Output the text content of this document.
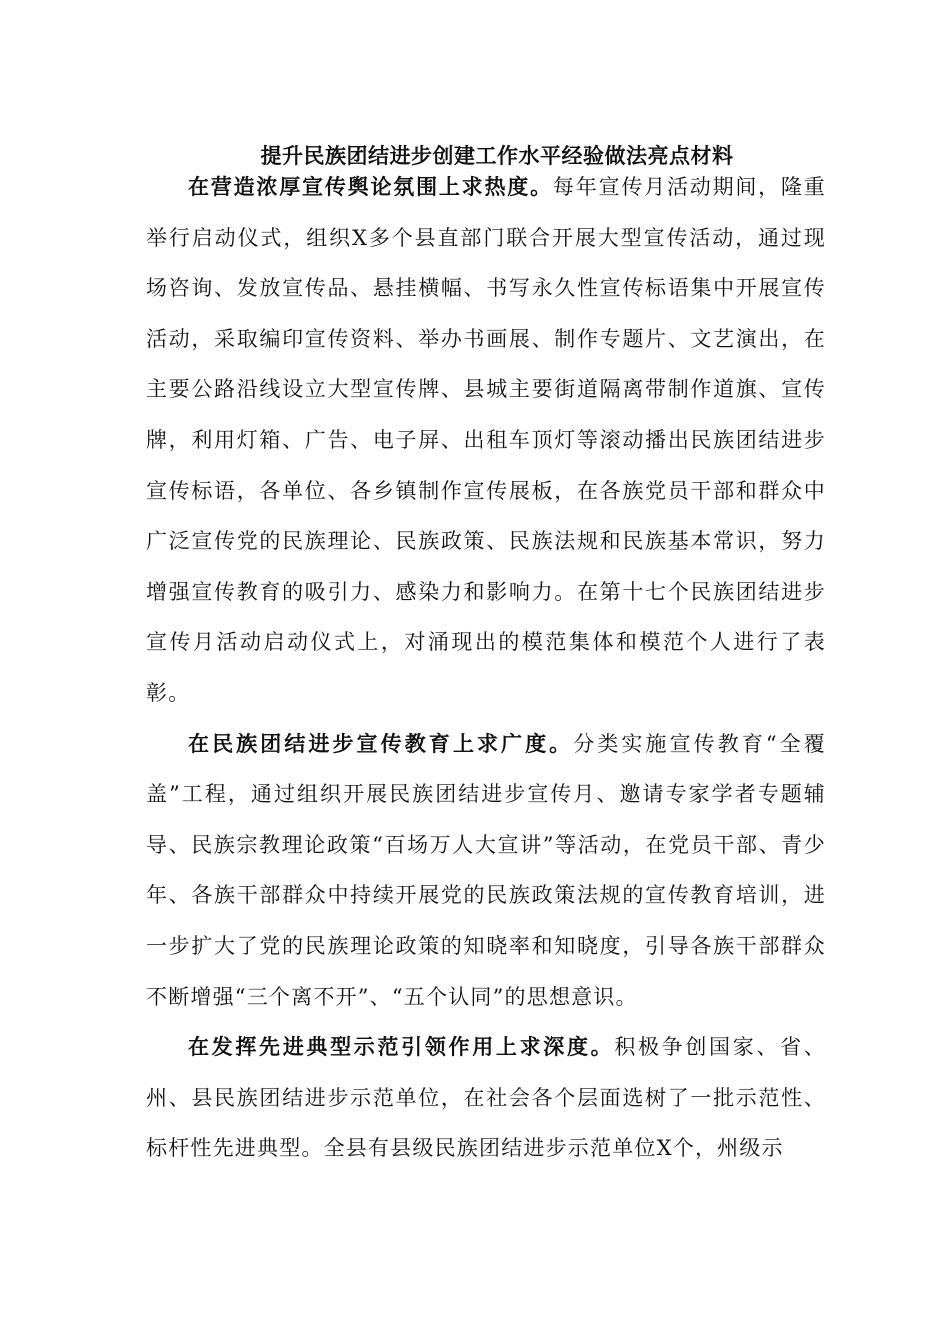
提升民族团结进步创建工作水平经验做法亮点材料

在营造浓厚宣传舆论氛围上求热度。每年宣传月活动期间，隆重举行启动仪式，组织X多个县直部门联合开展大型宣传活动，通过现场咨询、发放宣传品、悬挂横幅、书写永久性宣传标语集中开展宣传活动，采取编印宣传资料、举办书画展、制作专题片、文艺演出，在主要公路沿线设立大型宣传牌、县城主要街道隔离带制作道旗、宣传牌，利用灯箱、广告、电子屏、出租车顶灯等滚动播出民族团结进步宣传标语，各单位、各乡镇制作宣传展板，在各族党员干部和群众中广泛宣传党的民族理论、民族政策、民族法规和民族基本常识，努力增强宣传教育的吸引力、感染力和影响力。在第十七个民族团结进步宣传月活动启动仪式上，对涌现出的模范集体和模范个人进行了表彰。

在民族团结进步宣传教育上求广度。分类实施宣传教育“全覆盖”工程，通过组织开展民族团结进步宣传月、邀请专家学者专题辅导、民族宗教理论政策“百场万人大宣讲”等活动，在党员干部、青少年、各族干部群众中持续开展党的民族政策法规的宣传教育培训，进一步扩大了党的民族理论政策的知晓率和知晓度，引导各族干部群众不断增强“三个离不开”、“五个认同”的思想意识。

在发挥先进典型示范引领作用上求深度。积极争创国家、省、州、县民族团结进步示范单位，在社会各个层面选树了一批示范性、标杆性先进典型。全县有县级民族团结进步示范单位X个，州级示
